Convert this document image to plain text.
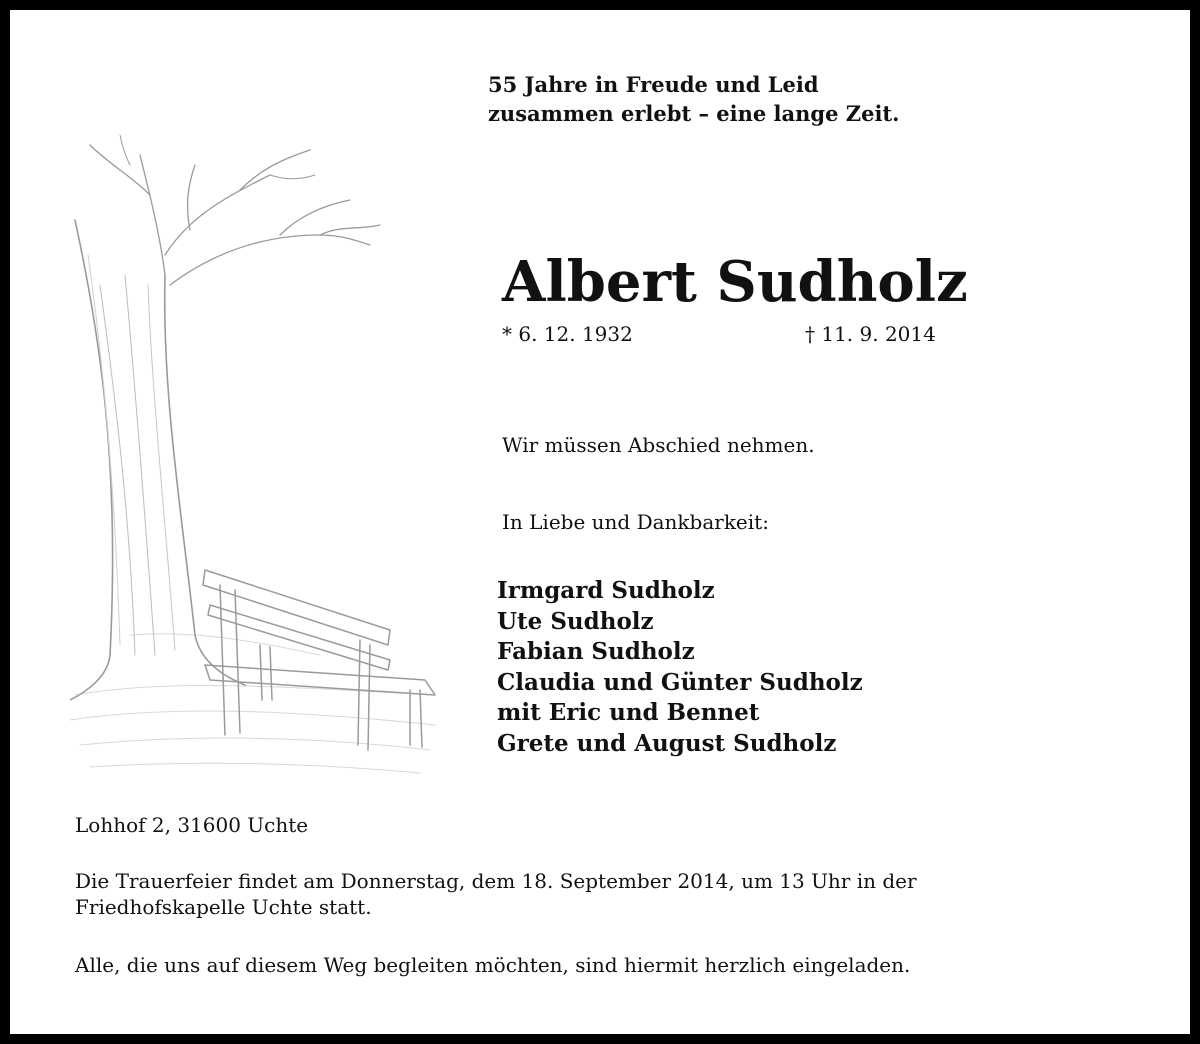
55 Jahre in Freude und Leid
zusammen erlebt – eine lange Zeit.
Albert Sudholz
* 6. 12. 1932	† 11. 9. 2014
Wir müssen Abschied nehmen.
In Liebe und Dankbarkeit:
Irmgard Sudholz
Ute Sudholz
Fabian Sudholz
Claudia und Günter Sudholz
mit Eric und Bennet
Grete und August Sudholz
Lohhof 2, 31600 Uchte
Die Trauerfeier findet am Donnerstag, dem 18. September 2014, um 13 Uhr in der
Friedhofskapelle Uchte statt.
Alle, die uns auf diesem Weg begleiten möchten, sind hiermit herzlich eingeladen.
